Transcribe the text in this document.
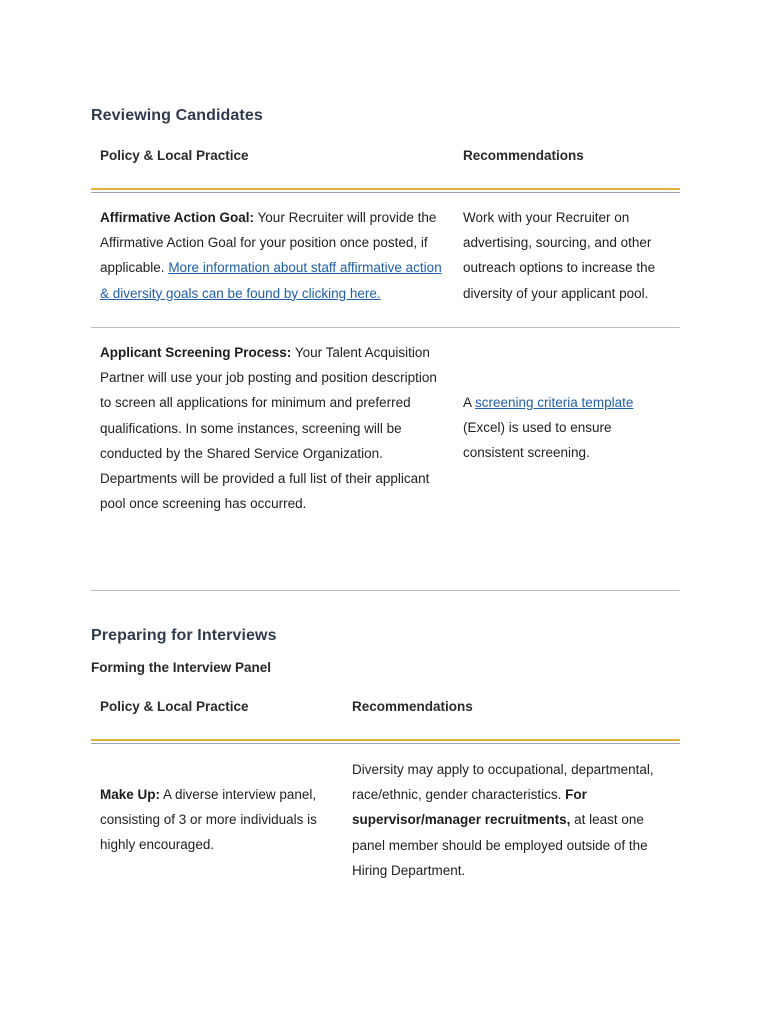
Reviewing Candidates
Policy & Local Practice	Recommendations
Affirmative Action Goal: Your Recruiter will provide the Affirmative Action Goal for your position once posted, if applicable. More information about staff affirmative action & diversity goals can be found by clicking here.
Work with your Recruiter on advertising, sourcing, and other outreach options to increase the diversity of your applicant pool.
Applicant Screening Process: Your Talent Acquisition Partner will use your job posting and position description to screen all applications for minimum and preferred qualifications. In some instances, screening will be conducted by the Shared Service Organization. Departments will be provided a full list of their applicant pool once screening has occurred.
A screening criteria template (Excel) is used to ensure consistent screening.
Preparing for Interviews
Forming the Interview Panel
Policy & Local Practice	Recommendations
Make Up: A diverse interview panel, consisting of 3 or more individuals is highly encouraged.
Diversity may apply to occupational, departmental, race/ethnic, gender characteristics. For supervisor/manager recruitments, at least one panel member should be employed outside of the Hiring Department.
